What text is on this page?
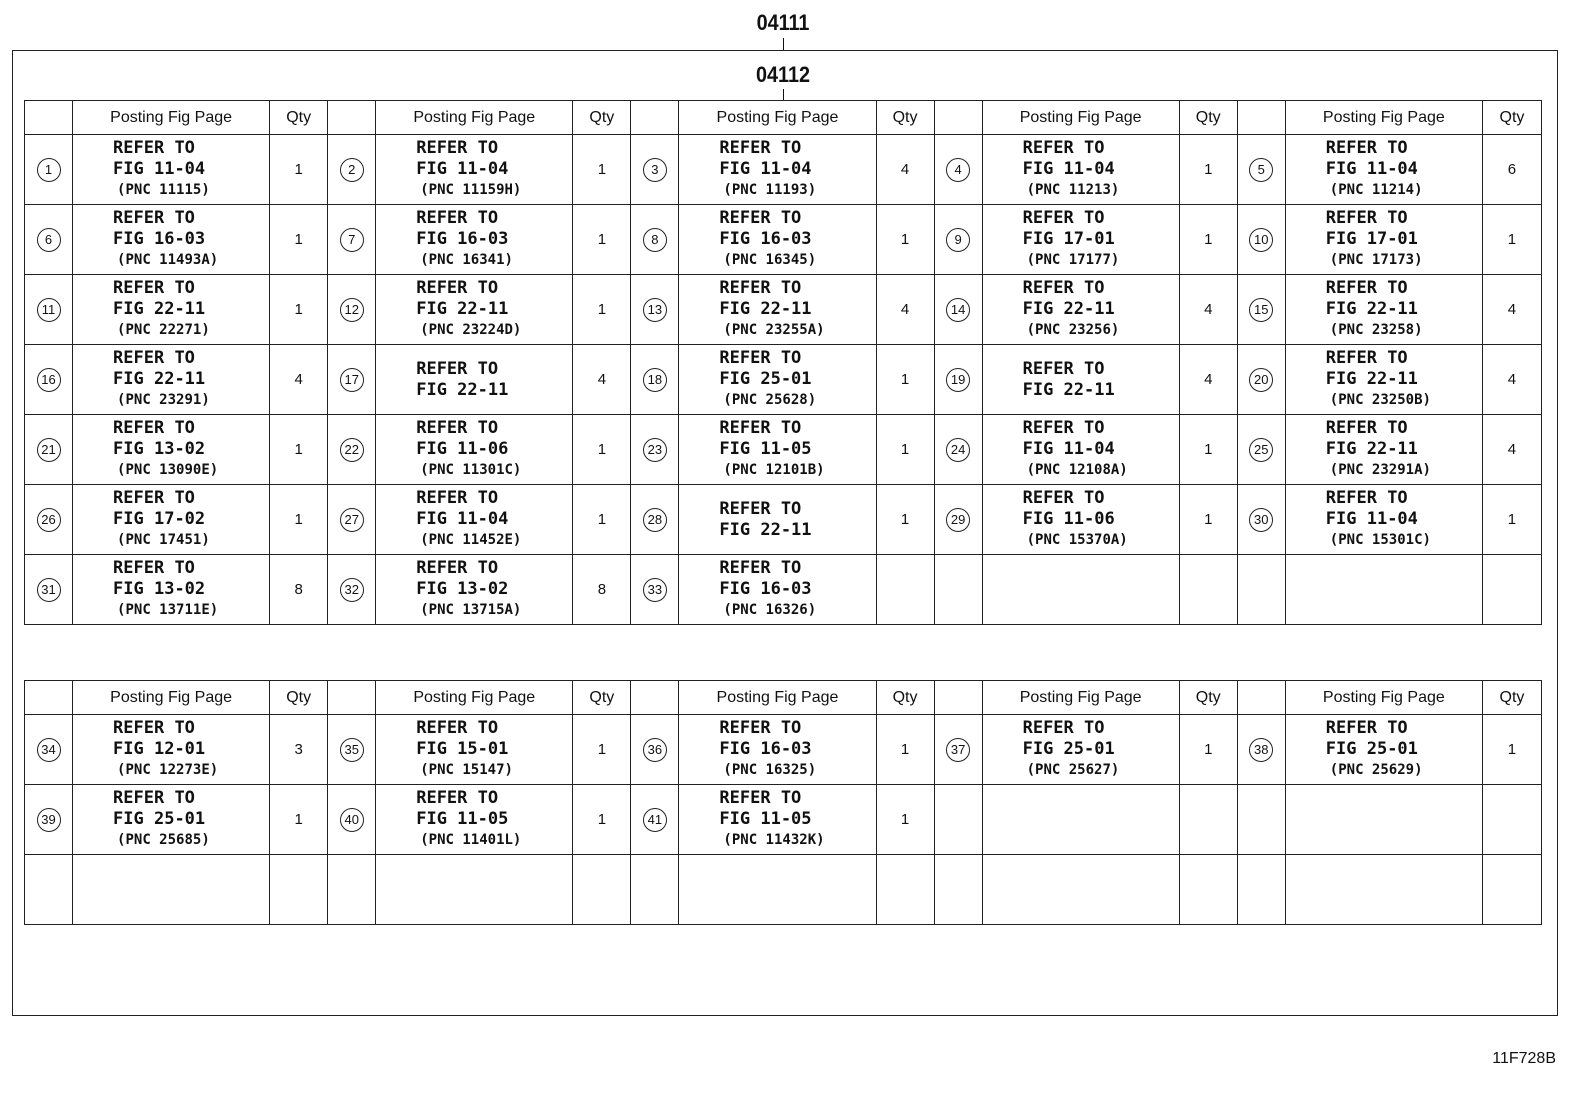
04111
04112
	Posting Fig Page	Qty		Posting Fig Page	Qty		Posting Fig Page	Qty		Posting Fig Page	Qty		Posting Fig Page	Qty
1	REFER TO
FIG 11-04
(PNC 11115)	1	2	REFER TO
FIG 11-04
(PNC 11159H)	1	3	REFER TO
FIG 11-04
(PNC 11193)	4	4	REFER TO
FIG 11-04
(PNC 11213)	1	5	REFER TO
FIG 11-04
(PNC 11214)	6
6	REFER TO
FIG 16-03
(PNC 11493A)	1	7	REFER TO
FIG 16-03
(PNC 16341)	1	8	REFER TO
FIG 16-03
(PNC 16345)	1	9	REFER TO
FIG 17-01
(PNC 17177)	1	10	REFER TO
FIG 17-01
(PNC 17173)	1
11	REFER TO
FIG 22-11
(PNC 22271)	1	12	REFER TO
FIG 22-11
(PNC 23224D)	1	13	REFER TO
FIG 22-11
(PNC 23255A)	4	14	REFER TO
FIG 22-11
(PNC 23256)	4	15	REFER TO
FIG 22-11
(PNC 23258)	4
16	REFER TO
FIG 22-11
(PNC 23291)	4	17	REFER TO
FIG 22-11	4	18	REFER TO
FIG 25-01
(PNC 25628)	1	19	REFER TO
FIG 22-11	4	20	REFER TO
FIG 22-11
(PNC 23250B)	4
21	REFER TO
FIG 13-02
(PNC 13090E)	1	22	REFER TO
FIG 11-06
(PNC 11301C)	1	23	REFER TO
FIG 11-05
(PNC 12101B)	1	24	REFER TO
FIG 11-04
(PNC 12108A)	1	25	REFER TO
FIG 22-11
(PNC 23291A)	4
26	REFER TO
FIG 17-02
(PNC 17451)	1	27	REFER TO
FIG 11-04
(PNC 11452E)	1	28	REFER TO
FIG 22-11	1	29	REFER TO
FIG 11-06
(PNC 15370A)	1	30	REFER TO
FIG 11-04
(PNC 15301C)	1
31	REFER TO
FIG 13-02
(PNC 13711E)	8	32	REFER TO
FIG 13-02
(PNC 13715A)	8	33	REFER TO
FIG 16-03
(PNC 16326)							

	Posting Fig Page	Qty		Posting Fig Page	Qty		Posting Fig Page	Qty		Posting Fig Page	Qty		Posting Fig Page	Qty
34	REFER TO
FIG 12-01
(PNC 12273E)	3	35	REFER TO
FIG 15-01
(PNC 15147)	1	36	REFER TO
FIG 16-03
(PNC 16325)	1	37	REFER TO
FIG 25-01
(PNC 25627)	1	38	REFER TO
FIG 25-01
(PNC 25629)	1
39	REFER TO
FIG 25-01
(PNC 25685)	1	40	REFER TO
FIG 11-05
(PNC 11401L)	1	41	REFER TO
FIG 11-05
(PNC 11432K)	1						

11F728B
